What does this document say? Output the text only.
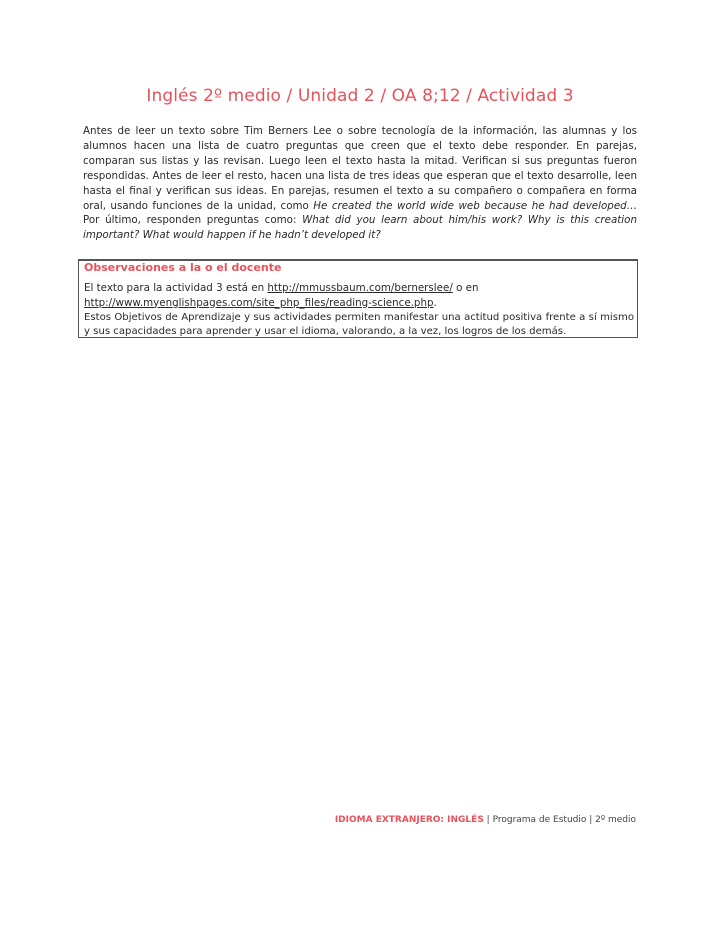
Inglés 2º medio / Unidad 2 / OA 8;12 / Actividad 3
Antes de leer un texto sobre Tim Berners Lee o sobre tecnología de la información, las alumnas y los alumnos hacen una lista de cuatro preguntas que creen que el texto debe responder. En parejas, comparan sus listas y las revisan. Luego leen el texto hasta la mitad. Verifican si sus preguntas fueron respondidas. Antes de leer el resto, hacen una lista de tres ideas que esperan que el texto desarrolle, leen hasta el final y verifican sus ideas. En parejas, resumen el texto a su compañero o compañera en forma oral, usando funciones de la unidad, como He created the world wide web because he had developed… Por último, responden preguntas como: What did you learn about him/his work? Why is this creation important? What would happen if he hadn’t developed it?
Observaciones a la o el docente
El texto para la actividad 3 está en http://mmussbaum.com/bernerslee/ o en
http://www.myenglishpages.com/site_php_files/reading-science.php.
Estos Objetivos de Aprendizaje y sus actividades permiten manifestar una actitud positiva frente a sí mismo y sus capacidades para aprender y usar el idioma, valorando, a la vez, los logros de los demás.
IDIOMA EXTRANJERO: INGLÉS | Programa de Estudio | 2º medio
